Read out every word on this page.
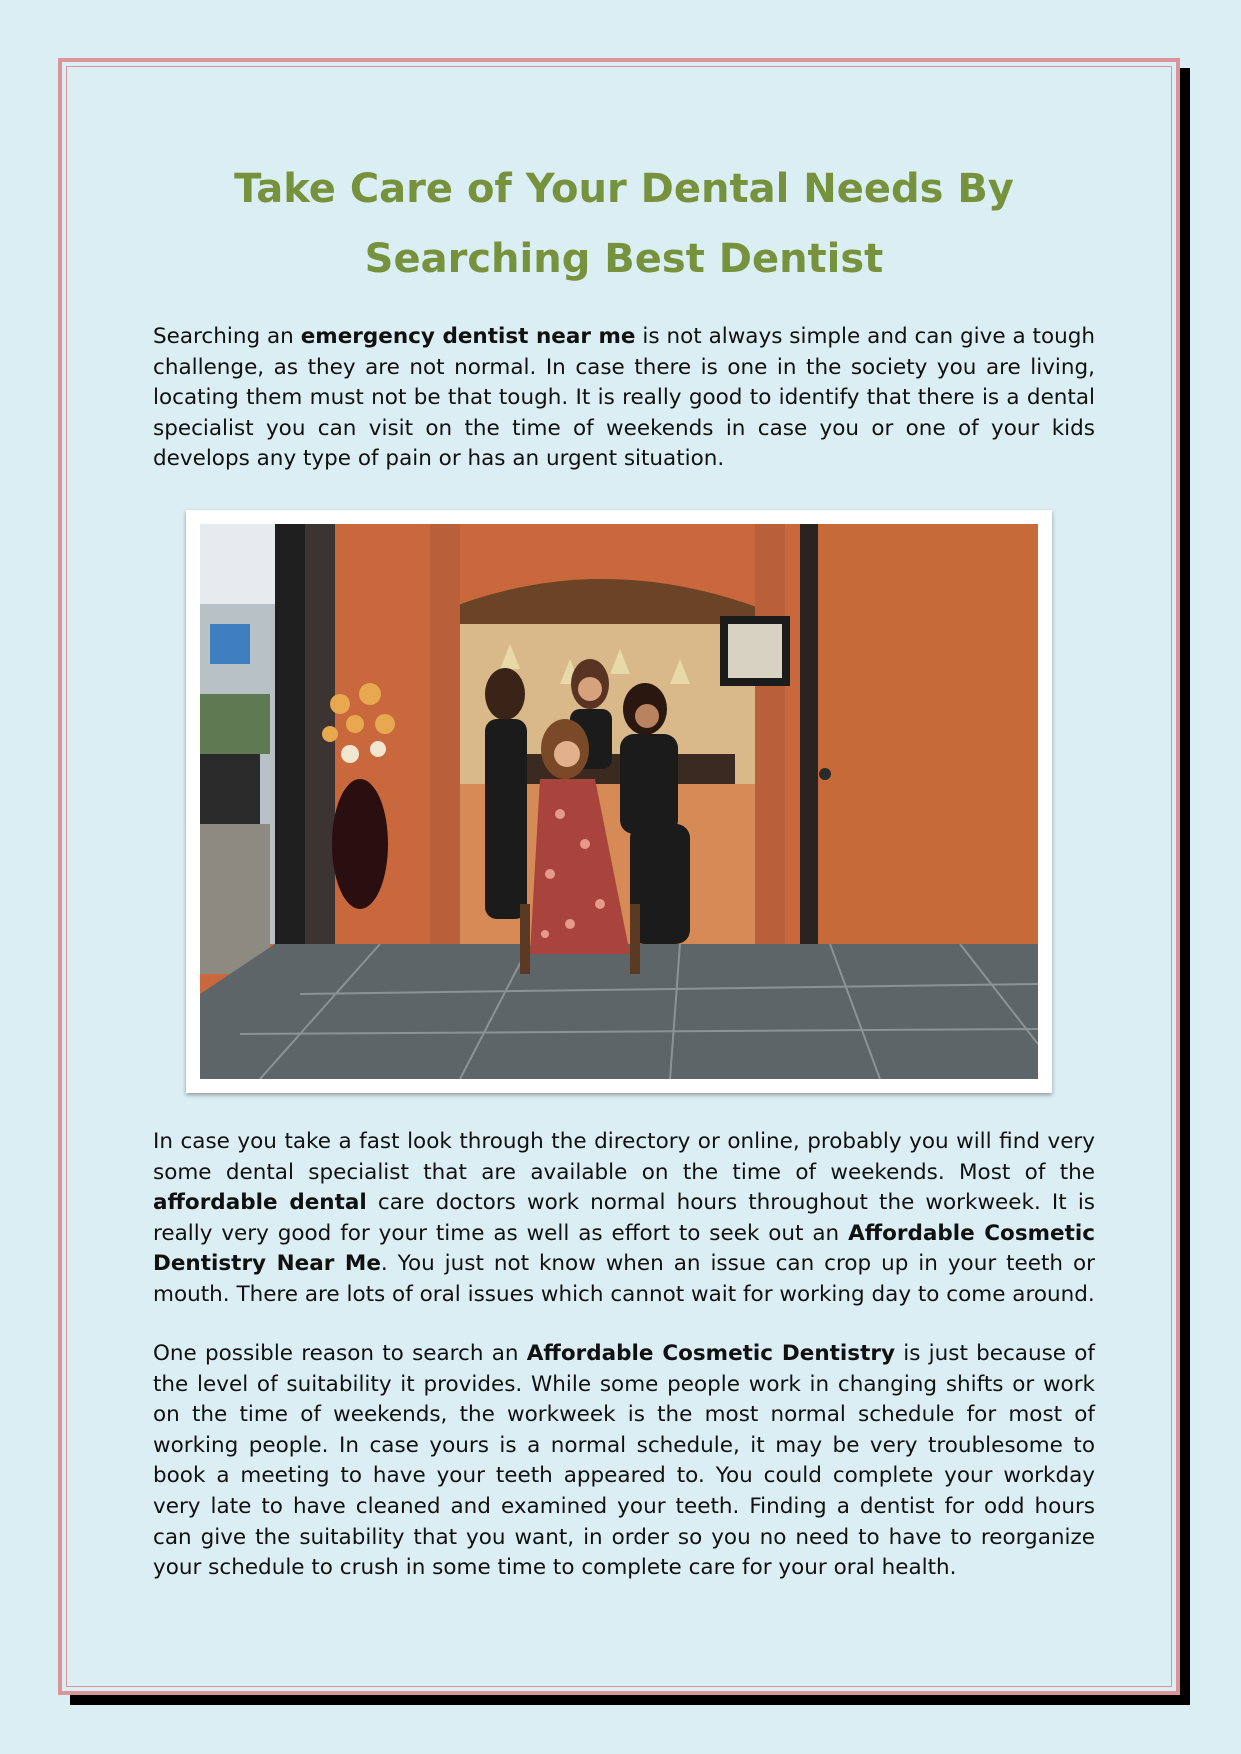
Take Care of Your Dental Needs By Searching Best Dentist

Searching an emergency dentist near me is not always simple and can give a tough challenge, as they are not normal. In case there is one in the society you are living, locating them must not be that tough. It is really good to identify that there is a dental specialist you can visit on the time of weekends in case you or one of your kids develops any type of pain or has an urgent situation.

In case you take a fast look through the directory or online, probably you will find very some dental specialist that are available on the time of weekends. Most of the affordable dental care doctors work normal hours throughout the workweek. It is really very good for your time as well as effort to seek out an Affordable Cosmetic Dentistry Near Me. You just not know when an issue can crop up in your teeth or mouth. There are lots of oral issues which cannot wait for working day to come around.

One possible reason to search an Affordable Cosmetic Dentistry is just because of the level of suitability it provides. While some people work in changing shifts or work on the time of weekends, the workweek is the most normal schedule for most of working people. In case yours is a normal schedule, it may be very troublesome to book a meeting to have your teeth appeared to. You could complete your workday very late to have cleaned and examined your teeth. Finding a dentist for odd hours can give the suitability that you want, in order so you no need to have to reorganize your schedule to crush in some time to complete care for your oral health.
